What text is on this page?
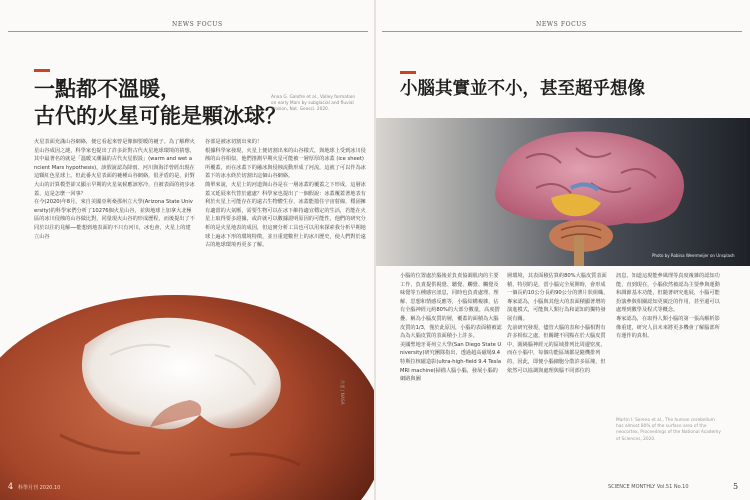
NEWS FOCUS
一點都不溫暖，
古代的火星可能是顆冰球？
Anna G. Galofre et al., Valley formation
on early Mars by subglacial and fluvial
erosion, Nat. Geosci. 2020.
火星表面充滿山谷網絡，便它看起來曾是像個要暖的褳子。為了解釋火星山谷成因之謎，科學家也提出了許多針對古代火星地球環境的猜想，其中最著名的就是「溫暖又潮濕的古代火星假設」(warm and wet ancient Mars hypothesis)，該假說認為降雨、河川與海洋曾經出現在這顆紅色星球上。但此番火星表面的褳種山谷網絡，很矛盾的是，針對大山的計算模型卻又顯示早期的火星氣候應該寒冷，自被表面的初步冰蓋，這是怎麼一回事？
在今(2020)年8月，來自美國亞利桑那州立大學(Arizona State University)的科學家們分析了10276個火星山谷，並與地球上加拿大北極區的冰川侵蝕的山谷做比對，同量現火山谷的形成歷程，而後提出了不同於以往的見解──能想到地表面的不只有河川，冰也會，火星上的建立山谷
谷部是被冰切割出來的！
根據科學家發現，火星上便切割出來的山谷樣式，與地球上受到冰川侵蝕的山谷相似，他們推測早期火星可能被一層厚厚的冰蓋 (ice sheet) 所覆蓋，而在冰蓋下的融冰與侵蝕流動形成了河流，這就了可以作為冰蓋下的冰水終於切割出這個山谷網絡。
簡單來說，火星上的河道與山谷是在一層冰蓋的覆蓋之下形成，這層冰蓋又延展來代替於處處？科學家也提出了一個假說：冰蓋覆蓋著地表有利於火星上可能存在的遠古生物體生存，冰蓋能擋住宇宙射線，穩固擁有適當的大氣壓，需要生物可以在冰下維持適宜穩定的生活，若能在火星上取得要多證據，或許就可以數據證明原因的可能性，他們的研究分析的是火星地表的成因，但這實分析工具也可以用來探索我分析早期地球上遍冰下形的環境特徵，並且重建數世上的冰川歷史，使人們對於遠古的地球環境再更多了解。
火星 | NASA
4 科學月刊 2020.10
NEWS FOCUS
小腦其實並不小，甚至超乎想像
Photo by Robina Weermeijer on Unsplash
小腦的位置處於腦後並負責協調肌肉的主要工作，負責提供視覺、聽覺、觸覺、觸覺及味覺等五種感官訊息，同時也負責處理、理解、思想和情感反應等，小腦結構複雜，佔有全腦神經元約80%的大部分數量，高度摺疊、稱為小腦皮質的層，覆蓋的面積為大腦皮質的1/3，僅於此原因，小腦的表面積被認為為大腦皮質的表面積小上許多。
美國聖地牙哥州立大學(San Diego State University)研究團隊指出，透過超高磁場9.4特斯拉核磁造影(ultra-high-field 9.4 Tesla MRI machine)掃描人腦小腦，發展小腦的網路與圖
層環境，其表面積估算約80%大腦皮質表面積，特別的是，當小腦完全展開時，會形成一個長約10公分長約90公分的薄片狀組織，專家認為，小腦與其他大的表面積顯著增的演進模式，可能與人類行為和認知的獨特發展有關。
先前研究發現，儘管大腦的表和小腦相對有許多相似之處，但關鍵不同點在於大腦皮質中，圍繞腦神經元的區域排列比周邊密度，而在小腦中，每個功能區域都是隨機排列的，因此，即便小腦細胞分散許多區塊，但依然可以協調與處理與腦不同部位的
訊息，知道這現能參風理等真度複雜的認知功能，直到現在，小腦依然被認為主要參與運動和調節基本功能，但隨著研究進展，小腦可能扮演參與相關認知更廣泛的作用，甚至還可以處理到數學及程式等概念。
專家認為，在取得人類小腦的第一張高解析影像重建，研究人員未來將更多機會了解腦部所有運作的真相。
Martin I. Sereno et al., The human cerebellum
has almost 80% of the surface area of the
neocortex, Proceedings of the National Academy
of Sciences, 2020.
SCIENCE MONTHLY Vol.51 No.10	5
